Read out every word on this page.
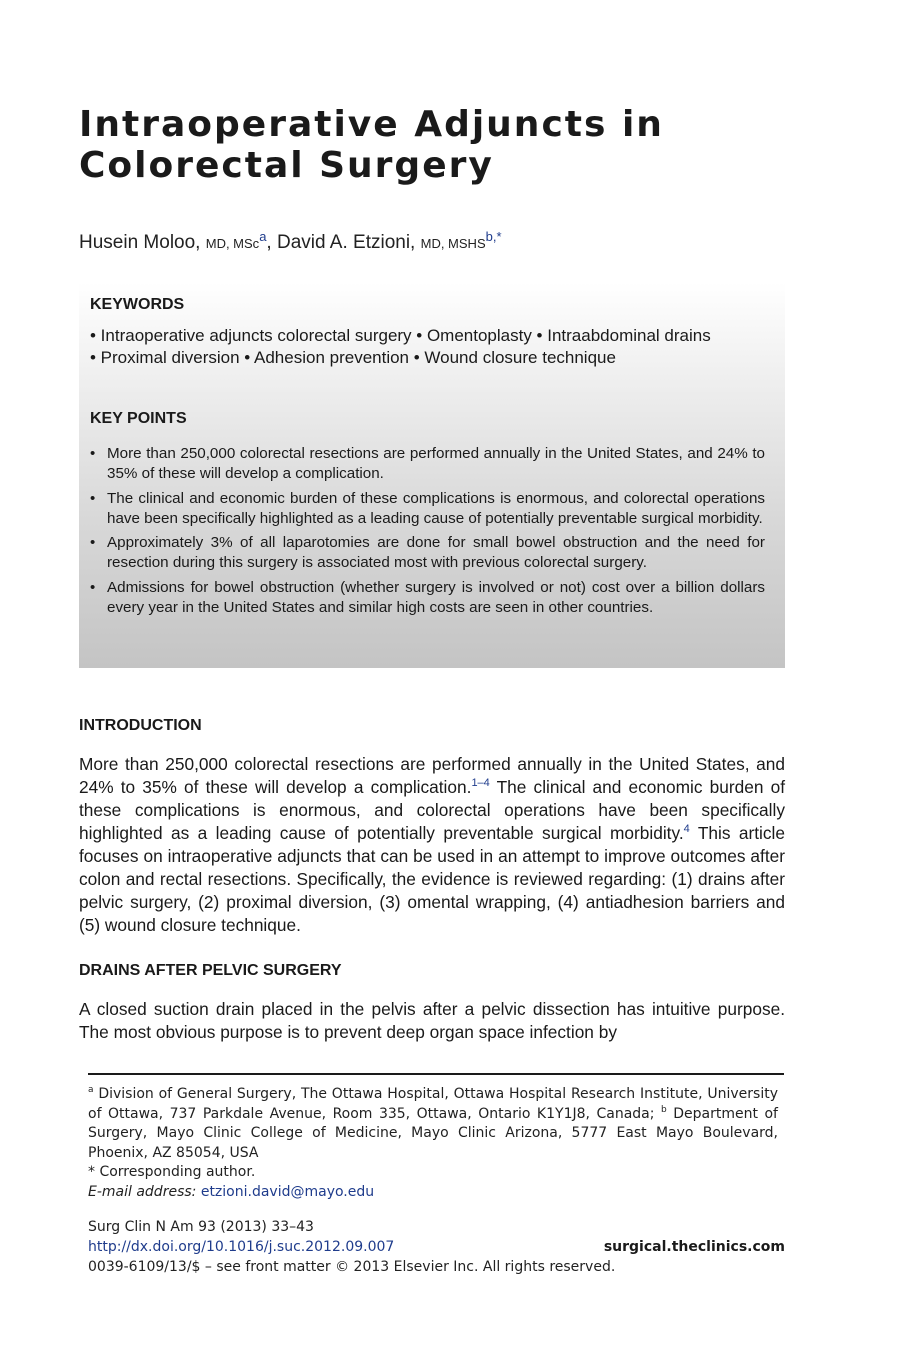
Intraoperative Adjuncts in
Colorectal Surgery
Husein Moloo, MD, MSc$^a$, David A. Etzioni, MD, MSHS$^{b,*}$
KEYWORDS
• Intraoperative adjuncts colorectal surgery • Omentoplasty • Intraabdominal drains
• Proximal diversion • Adhesion prevention • Wound closure technique
KEY POINTS
• More than 250,000 colorectal resections are performed annually in the United States, and 24% to 35% of these will develop a complication.
• The clinical and economic burden of these complications is enormous, and colorectal operations have been specifically highlighted as a leading cause of potentially preventable surgical morbidity.
• Approximately 3% of all laparotomies are done for small bowel obstruction and the need for resection during this surgery is associated most with previous colorectal surgery.
• Admissions for bowel obstruction (whether surgery is involved or not) cost over a billion dollars every year in the United States and similar high costs are seen in other countries.
INTRODUCTION

More than 250,000 colorectal resections are performed annually in the United States, and 24% to 35% of these will develop a complication.$^{1-4}$ The clinical and economic burden of these complications is enormous, and colorectal operations have been specifically highlighted as a leading cause of potentially preventable surgical morbidity.$^4$ This article focuses on intraoperative adjuncts that can be used in an attempt to improve outcomes after colon and rectal resections. Specifically, the evidence is reviewed regarding: (1) drains after pelvic surgery, (2) proximal diversion, (3) omental wrapping, (4) antiadhesion barriers and (5) wound closure technique.

DRAINS AFTER PELVIC SURGERY

A closed suction drain placed in the pelvis after a pelvic dissection has intuitive purpose. The most obvious purpose is to prevent deep organ space infection by

$^a$ Division of General Surgery, The Ottawa Hospital, Ottawa Hospital Research Institute, University of Ottawa, 737 Parkdale Avenue, Room 335, Ottawa, Ontario K1Y1J8, Canada; $^b$ Department of Surgery, Mayo Clinic College of Medicine, Mayo Clinic Arizona, 5777 East Mayo Boulevard, Phoenix, AZ 85054, USA
* Corresponding author.
E-mail address: etzioni.david@mayo.edu
Surg Clin N Am 93 (2013) 33–43
http://dx.doi.org/10.1016/j.suc.2012.09.007	surgical.theclinics.com
0039-6109/13/$ – see front matter © 2013 Elsevier Inc. All rights reserved.
